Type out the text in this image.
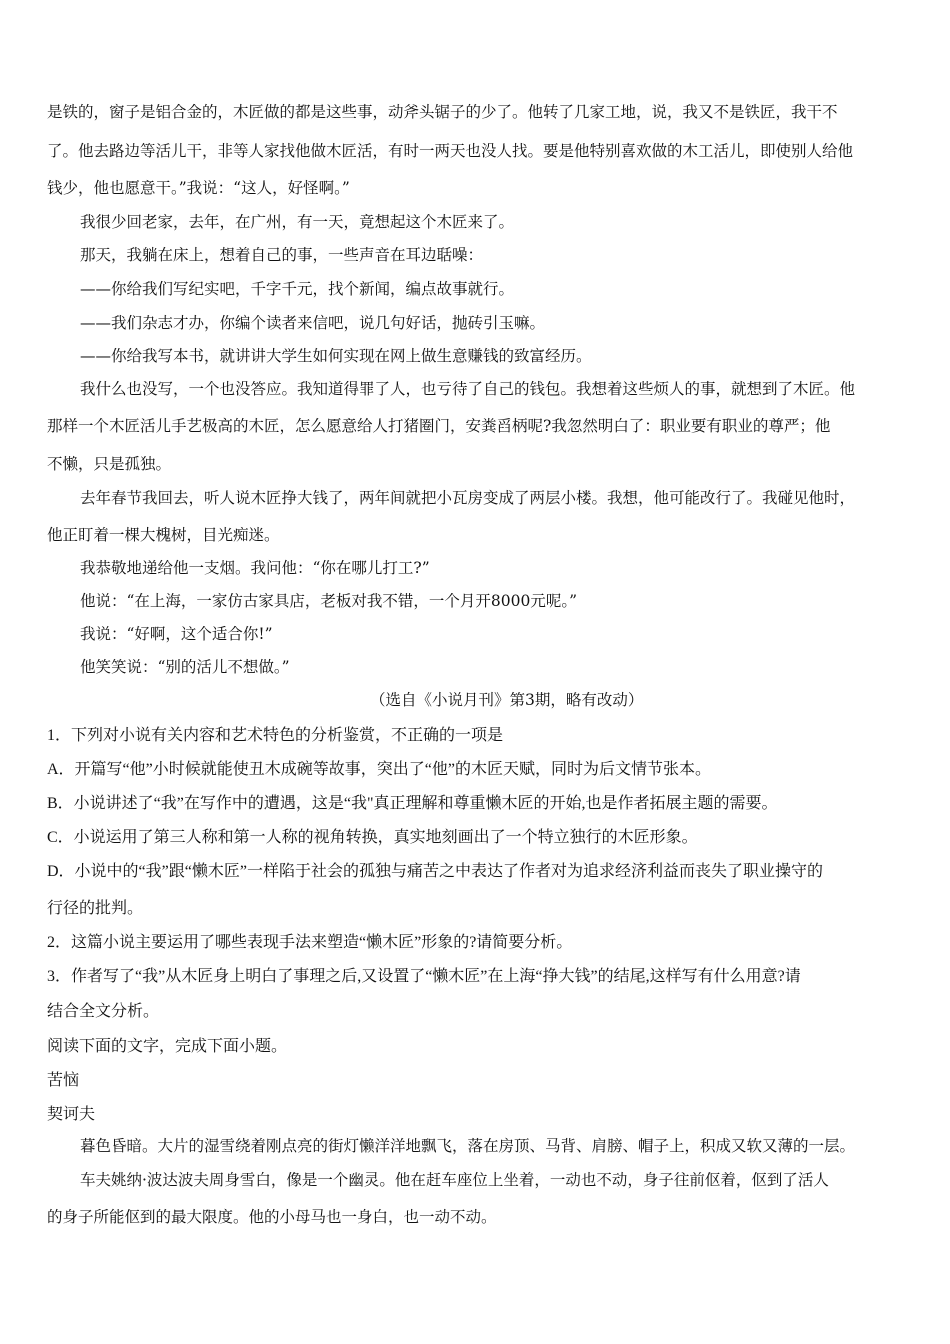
是铁的，窗子是铝合金的，木匠做的都是这些事，动斧头锯子的少了。他转了几家工地，说，我又不是铁匠，我干不
了。他去路边等活儿干，非等人家找他做木匠活，有时一两天也没人找。要是他特别喜欢做的木工活儿，即使别人给他
钱少，他也愿意干。”我说：“这人，好怪啊。”
我很少回老家，去年，在广州，有一天，竟想起这个木匠来了。
那天，我躺在床上，想着自己的事，一些声音在耳边聒噪：
——你给我们写纪实吧，千字千元，找个新闻，编点故事就行。
——我们杂志才办，你编个读者来信吧，说几句好话，抛砖引玉嘛。
——你给我写本书，就讲讲大学生如何实现在网上做生意赚钱的致富经历。
我什么也没写，一个也没答应。我知道得罪了人，也亏待了自己的钱包。我想着这些烦人的事，就想到了木匠。他
那样一个木匠活儿手艺极高的木匠，怎么愿意给人打猪圈门，安粪舀柄呢?我忽然明白了：职业要有职业的尊严；他
不懒，只是孤独。
去年春节我回去，听人说木匠挣大钱了，两年间就把小瓦房变成了两层小楼。我想，他可能改行了。我碰见他时，
他正盯着一棵大槐树，目光痴迷。
我恭敬地递给他一支烟。我问他：“你在哪儿打工?”
他说：“在上海，一家仿古家具店，老板对我不错，一个月开8000元呢。”
我说：“好啊，这个适合你!”
他笑笑说：“别的活儿不想做。”
（选自《小说月刊》第3期，略有改动）
1．下列对小说有关内容和艺术特色的分析鉴赏，不正确的一项是
A．开篇写“他”小时候就能使丑木成碗等故事，突出了“他”的木匠天赋，同时为后文情节张本。
B．小说讲述了“我”在写作中的遭遇，这是“我"真正理解和尊重懒木匠的开始,也是作者拓展主题的需要。
C．小说运用了第三人称和第一人称的视角转换，真实地刻画出了一个特立独行的木匠形象。
D．小说中的“我”跟“懒木匠”一样陷于社会的孤独与痛苦之中表达了作者对为追求经济利益而丧失了职业操守的
行径的批判。
2．这篇小说主要运用了哪些表现手法来塑造“懒木匠”形象的?请简要分析。
3．作者写了“我”从木匠身上明白了事理之后,又设置了“懒木匠”在上海“挣大钱”的结尾,这样写有什么用意?请
结合全文分析。
阅读下面的文字，完成下面小题。
苦恼
契诃夫
暮色昏暗。大片的湿雪绕着刚点亮的街灯懒洋洋地飘飞，落在房顶、马背、肩膀、帽子上，积成又软又薄的一层。
车夫姚纳·波达波夫周身雪白，像是一个幽灵。他在赶车座位上坐着，一动也不动，身子往前伛着，伛到了活人
的身子所能伛到的最大限度。他的小母马也一身白，也一动不动。
